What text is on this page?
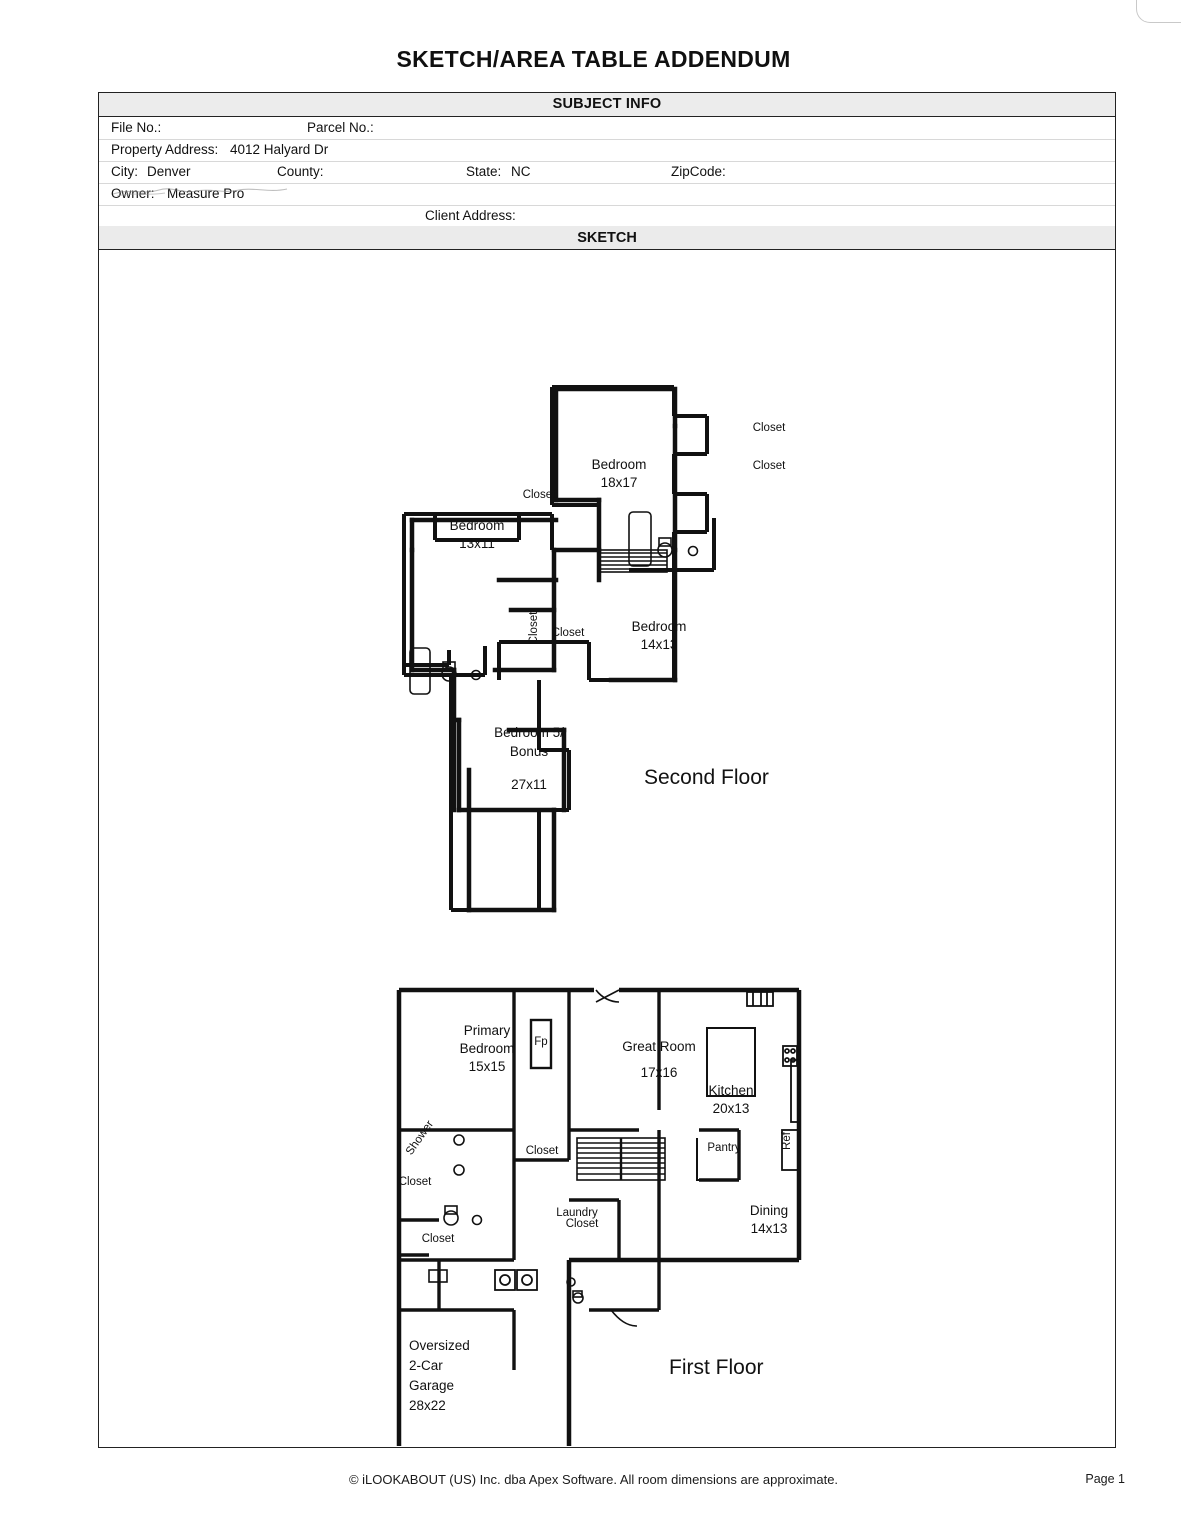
SKETCH/AREA TABLE ADDENDUM
SUBJECT INFO
File No.:	Parcel No.:
Property Address: 4012 Halyard Dr
City: Denver	County:	State: NC	ZipCode:
Owner: Measure Pro
Client Address:
SKETCH
Closet
Closet
Bedroom
18x17
Closet
Bedroom
13x11
Closet	Closet	Bedroom
14x13
Bedroom 5/
Bonus
27x11	Second Floor
Primary
Bedroom
15x15
Fp	Great Room
17x16
Kitchen
20x13
Pantry	Ref
Shower
Closet
Closet
Closet
Laundry
Closet
Dining
14x13
Oversized
2-Car
Garage
28x22
First Floor
© iLOOKABOUT (US) Inc. dba Apex Software. All room dimensions are approximate.	Page 1
